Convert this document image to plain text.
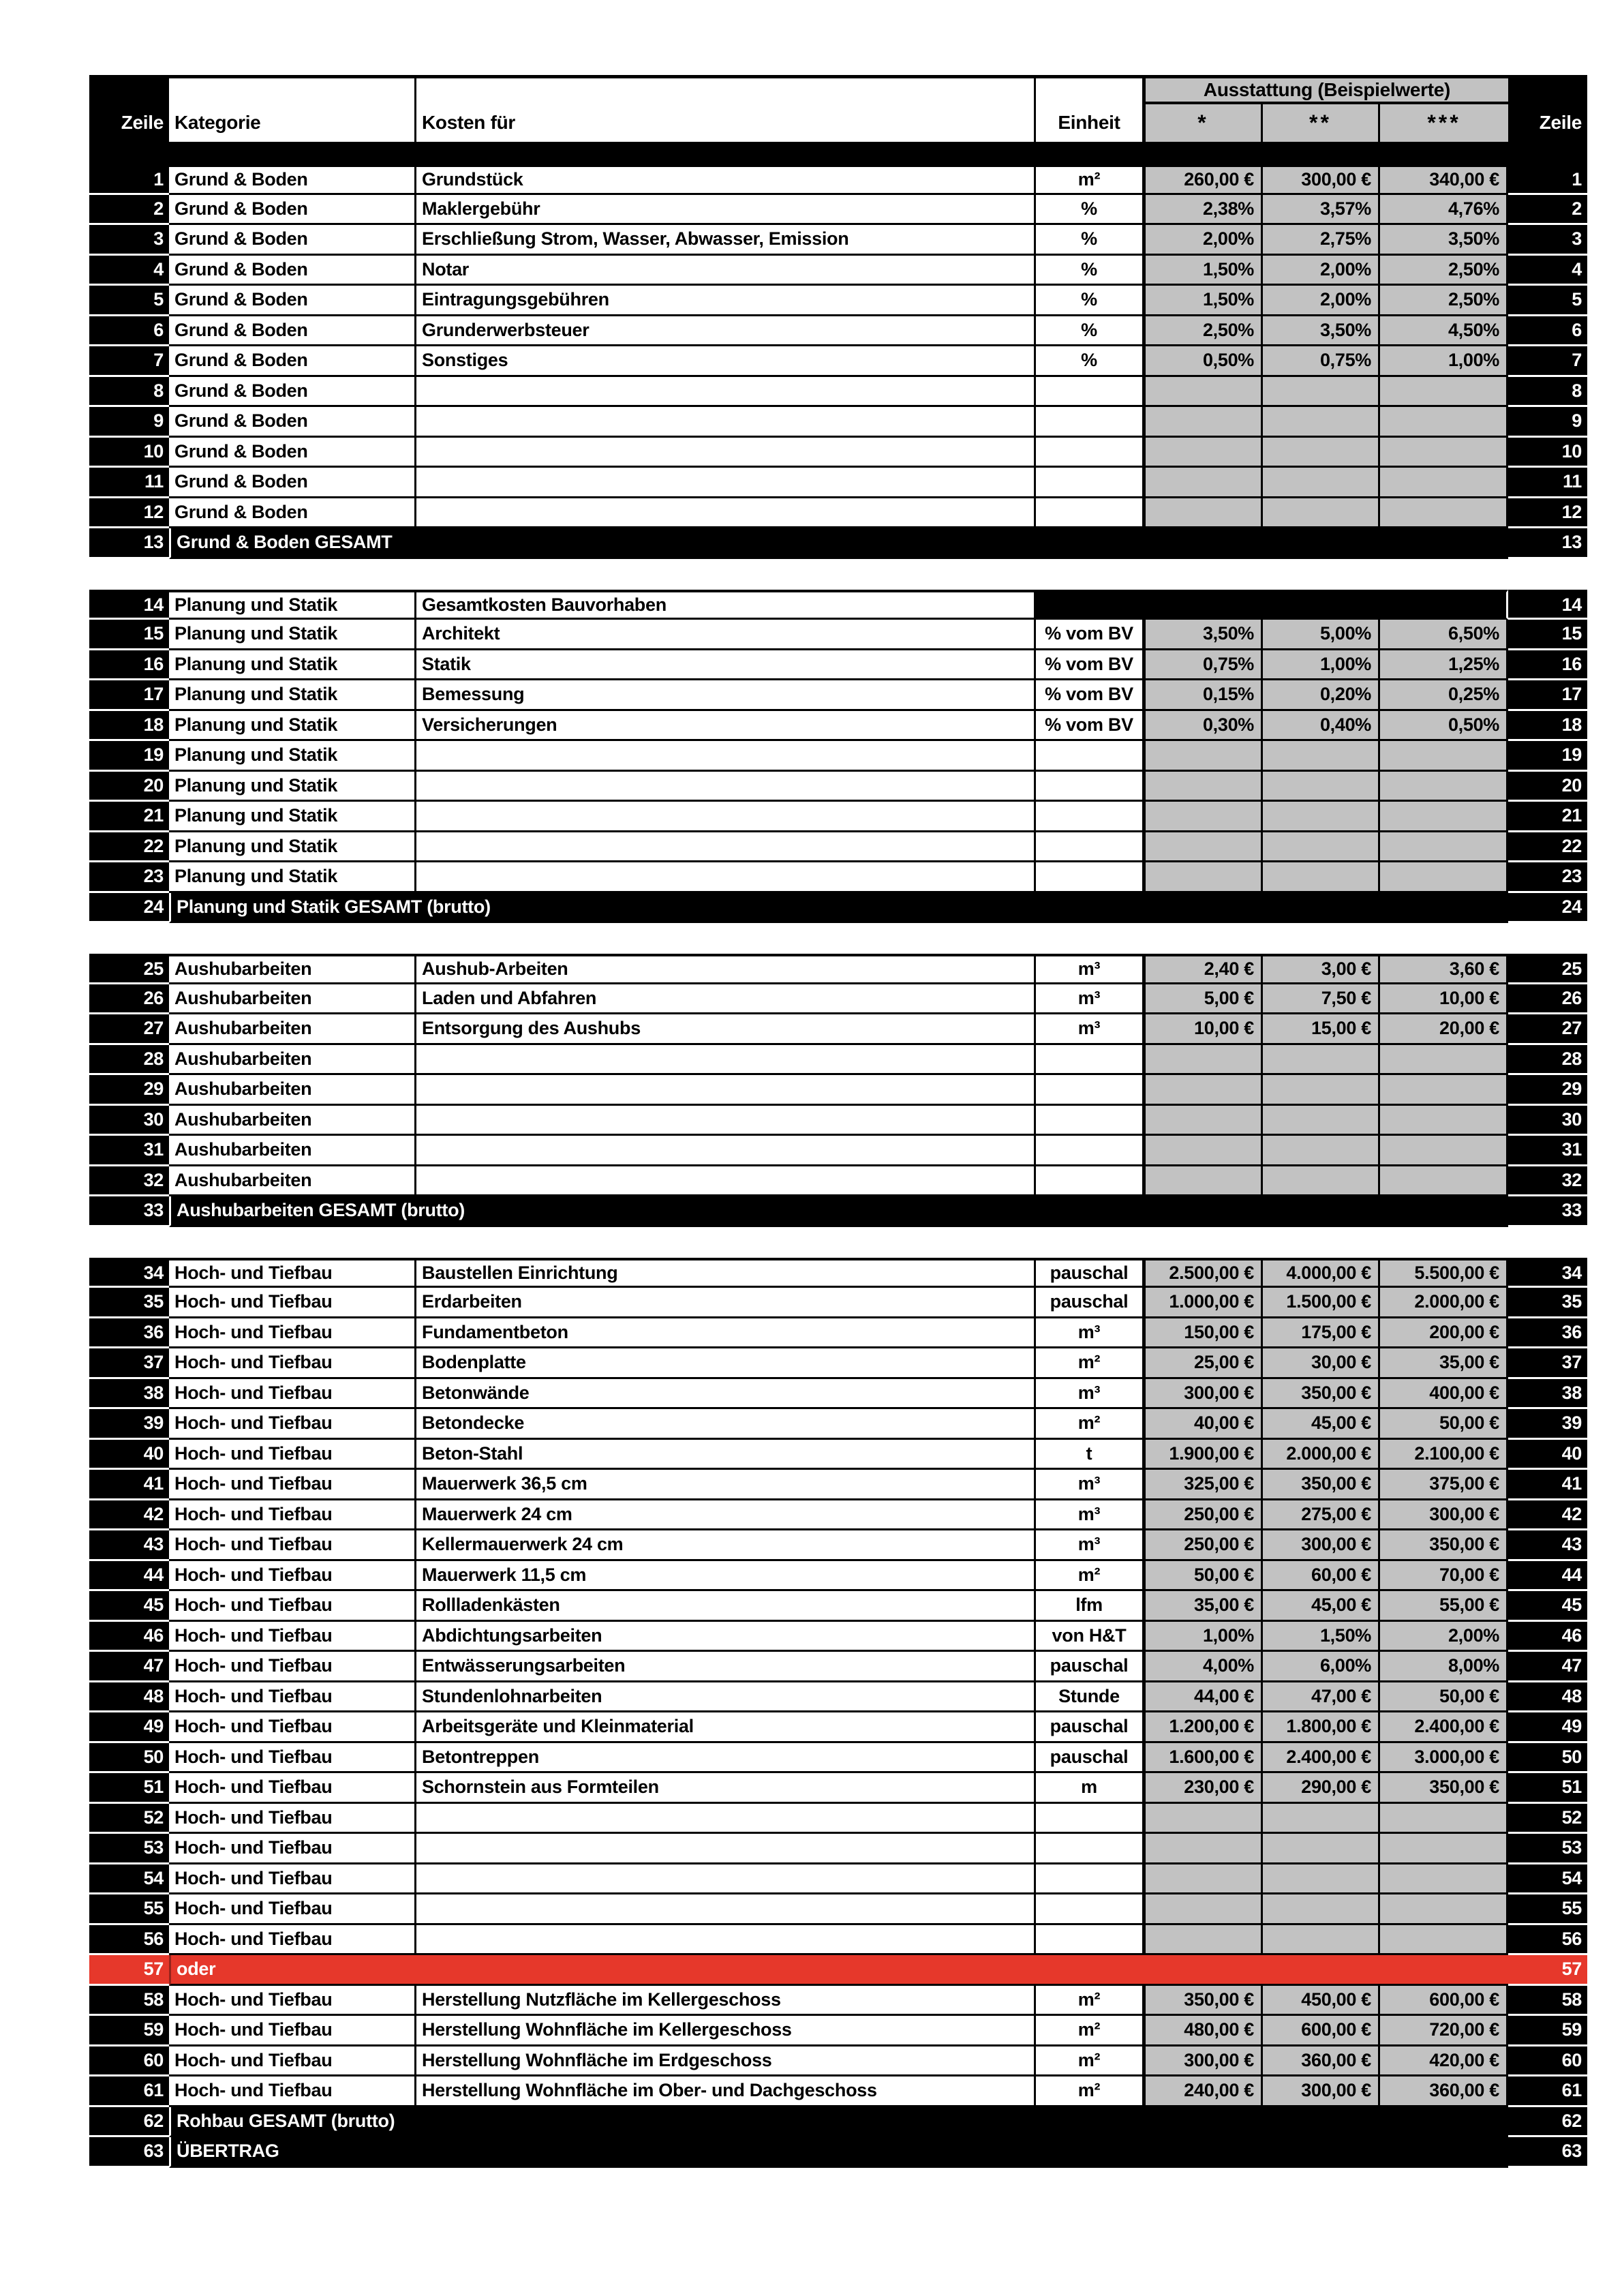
Zeile Kategorie	Kosten für	Einheit
Ausstattung (Beispielwerte)
*	**	***	Zeile
1 Grund & Boden	Grundstück	m²	260,00 €	300,00 €	340,00 €	1
2 Grund & Boden	Maklergebühr	%	2,38%	3,57%	4,76%	2
3 Grund & Boden	Erschließung Strom, Wasser, Abwasser, Emission	%	2,00%	2,75%	3,50%	3
4 Grund & Boden	Notar	%	1,50%	2,00%	2,50%	4
5 Grund & Boden	Eintragungsgebühren	%	1,50%	2,00%	2,50%	5
6 Grund & Boden	Grunderwerbsteuer	%	2,50%	3,50%	4,50%	6
7 Grund & Boden	Sonstiges	%	0,50%	0,75%	1,00%	7
8 Grund & Boden	8
9 Grund & Boden	9
10 Grund & Boden	10
11 Grund & Boden	11
12 Grund & Boden	12
13 Grund & Boden GESAMT	13
14 Planung und Statik	Gesamtkosten Bauvorhaben	14
15 Planung und Statik	Architekt	% vom BV	3,50%	5,00%	6,50%	15
16 Planung und Statik	Statik	% vom BV	0,75%	1,00%	1,25%	16
17 Planung und Statik	Bemessung	% vom BV	0,15%	0,20%	0,25%	17
18 Planung und Statik	Versicherungen	% vom BV	0,30%	0,40%	0,50%	18
19 Planung und Statik	19
20 Planung und Statik	20
21 Planung und Statik	21
22 Planung und Statik	22
23 Planung und Statik	23
24 Planung und Statik GESAMT (brutto)	24
25 Aushubarbeiten	Aushub-Arbeiten	m³	2,40 €	3,00 €	3,60 €	25
26 Aushubarbeiten	Laden und Abfahren	m³	5,00 €	7,50 €	10,00 €	26
27 Aushubarbeiten	Entsorgung des Aushubs	m³	10,00 €	15,00 €	20,00 €	27
28 Aushubarbeiten	28
29 Aushubarbeiten	29
30 Aushubarbeiten	30
31 Aushubarbeiten	31
32 Aushubarbeiten	32
33 Aushubarbeiten GESAMT (brutto)	33
34 Hoch- und Tiefbau	Baustellen Einrichtung	pauschal	2.500,00 €	4.000,00 €	5.500,00 €	34
35 Hoch- und Tiefbau	Erdarbeiten	pauschal	1.000,00 €	1.500,00 €	2.000,00 €	35
36 Hoch- und Tiefbau	Fundamentbeton	m³	150,00 €	175,00 €	200,00 €	36
37 Hoch- und Tiefbau	Bodenplatte	m²	25,00 €	30,00 €	35,00 €	37
38 Hoch- und Tiefbau	Betonwände	m³	300,00 €	350,00 €	400,00 €	38
39 Hoch- und Tiefbau	Betondecke	m²	40,00 €	45,00 €	50,00 €	39
40 Hoch- und Tiefbau	Beton-Stahl	t	1.900,00 €	2.000,00 €	2.100,00 €	40
41 Hoch- und Tiefbau	Mauerwerk 36,5 cm	m³	325,00 €	350,00 €	375,00 €	41
42 Hoch- und Tiefbau	Mauerwerk 24 cm	m³	250,00 €	275,00 €	300,00 €	42
43 Hoch- und Tiefbau	Kellermauerwerk 24 cm	m³	250,00 €	300,00 €	350,00 €	43
44 Hoch- und Tiefbau	Mauerwerk 11,5 cm	m²	50,00 €	60,00 €	70,00 €	44
45 Hoch- und Tiefbau	Rollladenkästen	lfm	35,00 €	45,00 €	55,00 €	45
46 Hoch- und Tiefbau	Abdichtungsarbeiten	von H&T	1,00%	1,50%	2,00%	46
47 Hoch- und Tiefbau	Entwässerungsarbeiten	pauschal	4,00%	6,00%	8,00%	47
48 Hoch- und Tiefbau	Stundenlohnarbeiten	Stunde	44,00 €	47,00 €	50,00 €	48
49 Hoch- und Tiefbau	Arbeitsgeräte und Kleinmaterial	pauschal	1.200,00 €	1.800,00 €	2.400,00 €	49
50 Hoch- und Tiefbau	Betontreppen	pauschal	1.600,00 €	2.400,00 €	3.000,00 €	50
51 Hoch- und Tiefbau	Schornstein aus Formteilen	m	230,00 €	290,00 €	350,00 €	51
52 Hoch- und Tiefbau	52
53 Hoch- und Tiefbau	53
54 Hoch- und Tiefbau	54
55 Hoch- und Tiefbau	55
56 Hoch- und Tiefbau	56
57 oder	57
58 Hoch- und Tiefbau	Herstellung Nutzfläche im Kellergeschoss	m²	350,00 €	450,00 €	600,00 €	58
59 Hoch- und Tiefbau	Herstellung Wohnfläche im Kellergeschoss	m²	480,00 €	600,00 €	720,00 €	59
60 Hoch- und Tiefbau	Herstellung Wohnfläche im Erdgeschoss	m²	300,00 €	360,00 €	420,00 €	60
61 Hoch- und Tiefbau	Herstellung Wohnfläche im Ober- und Dachgeschoss	m²	240,00 €	300,00 €	360,00 €	61
62 Rohbau GESAMT (brutto)	62
63 ÜBERTRAG	63
